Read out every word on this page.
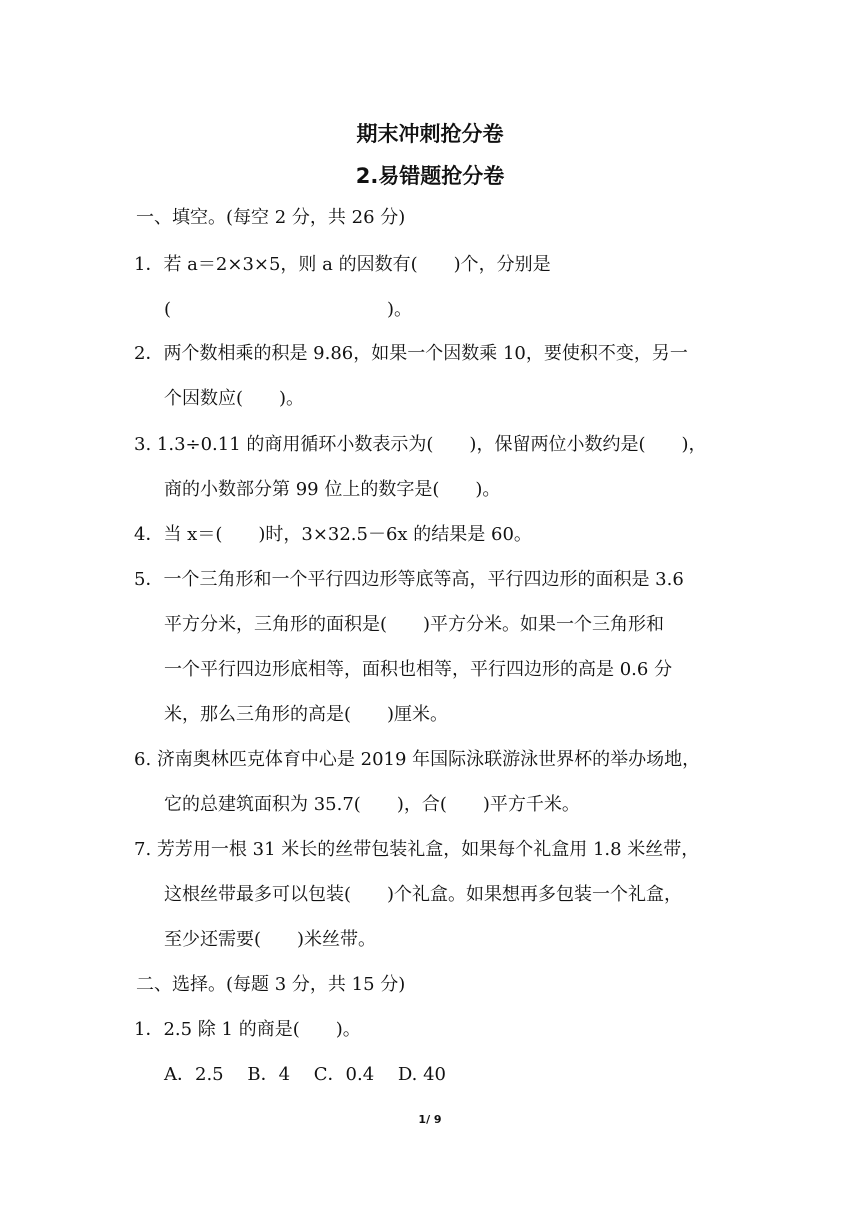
期末冲刺抢分卷
2.易错题抢分卷
一、填空。(每空 2 分，共 26 分)
1．若 a＝2×3×5，则 a 的因数有(　　)个，分别是
(　　　　　　　　　　　　)。
2．两个数相乘的积是 9.86，如果一个因数乘 10，要使积不变，另一
个因数应(　　)。
3. 1.3÷0.11 的商用循环小数表示为(　　)，保留两位小数约是(　　)，
商的小数部分第 99 位上的数字是(　　)。
4．当 x＝(　　)时，3×32.5－6x 的结果是 60。
5．一个三角形和一个平行四边形等底等高，平行四边形的面积是 3.6
平方分米，三角形的面积是(　　)平方分米。如果一个三角形和
一个平行四边形底相等，面积也相等，平行四边形的高是 0.6 分
米，那么三角形的高是(　　)厘米。
6. 济南奥林匹克体育中心是 2019 年国际泳联游泳世界杯的举办场地，
它的总建筑面积为 35.7(　　)，合(　　)平方千米。
7. 芳芳用一根 31 米长的丝带包装礼盒，如果每个礼盒用 1.8 米丝带，
这根丝带最多可以包装(　　)个礼盒。如果想再多包装一个礼盒，
至少还需要(　　)米丝带。
二、选择。(每题 3 分，共 15 分)
1．2.5 除 1 的商是(　　)。
A．2.5　 B．4　 C．0.4　 D. 40
1/ 9
